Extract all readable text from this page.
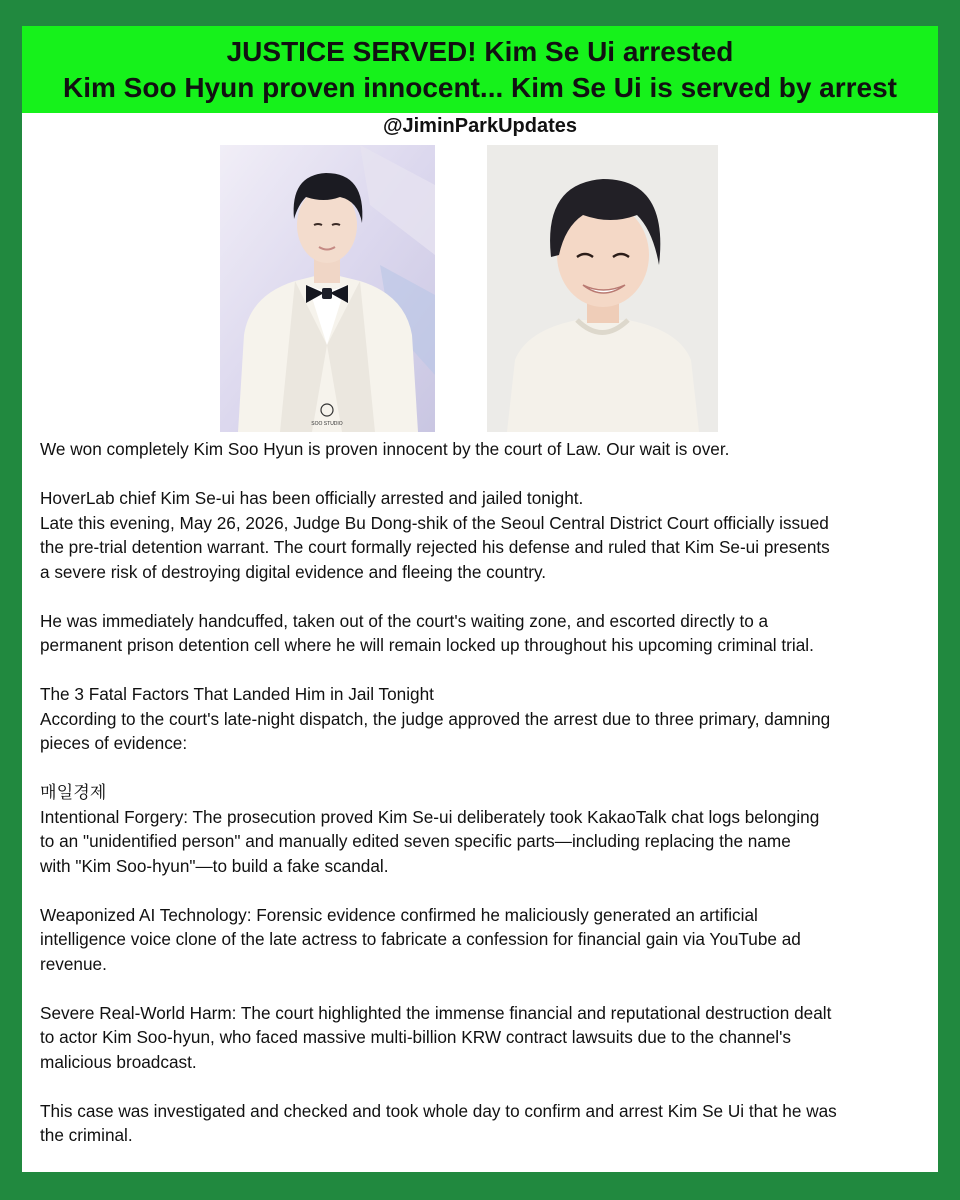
JUSTICE SERVED! Kim Se Ui arrested
Kim Soo Hyun proven innocent... Kim Se Ui is served by arrest
@JiminParkUpdates
SOO STUDIO
We won completely Kim Soo Hyun is proven innocent by the court of Law. Our wait is over.
HoverLab chief Kim Se-ui has been officially arrested and jailed tonight.
Late this evening, May 26, 2026, Judge Bu Dong-shik of the Seoul Central District Court officially issued
the pre-trial detention warrant. The court formally rejected his defense and ruled that Kim Se-ui presents
a severe risk of destroying digital evidence and fleeing the country.
He was immediately handcuffed, taken out of the court's waiting zone, and escorted directly to a
permanent prison detention cell where he will remain locked up throughout his upcoming criminal trial.
The 3 Fatal Factors That Landed Him in Jail Tonight
According to the court's late-night dispatch, the judge approved the arrest due to three primary, damning
pieces of evidence:
매일경제
Intentional Forgery: The prosecution proved Kim Se-ui deliberately took KakaoTalk chat logs belonging
to an "unidentified person" and manually edited seven specific parts—including replacing the name
with "Kim Soo-hyun"—to build a fake scandal.
Weaponized AI Technology: Forensic evidence confirmed he maliciously generated an artificial
intelligence voice clone of the late actress to fabricate a confession for financial gain via YouTube ad
revenue.
Severe Real-World Harm: The court highlighted the immense financial and reputational destruction dealt
to actor Kim Soo-hyun, who faced massive multi-billion KRW contract lawsuits due to the channel's
malicious broadcast.
This case was investigated and checked and took whole day to confirm and arrest Kim Se Ui that he was
the criminal.
